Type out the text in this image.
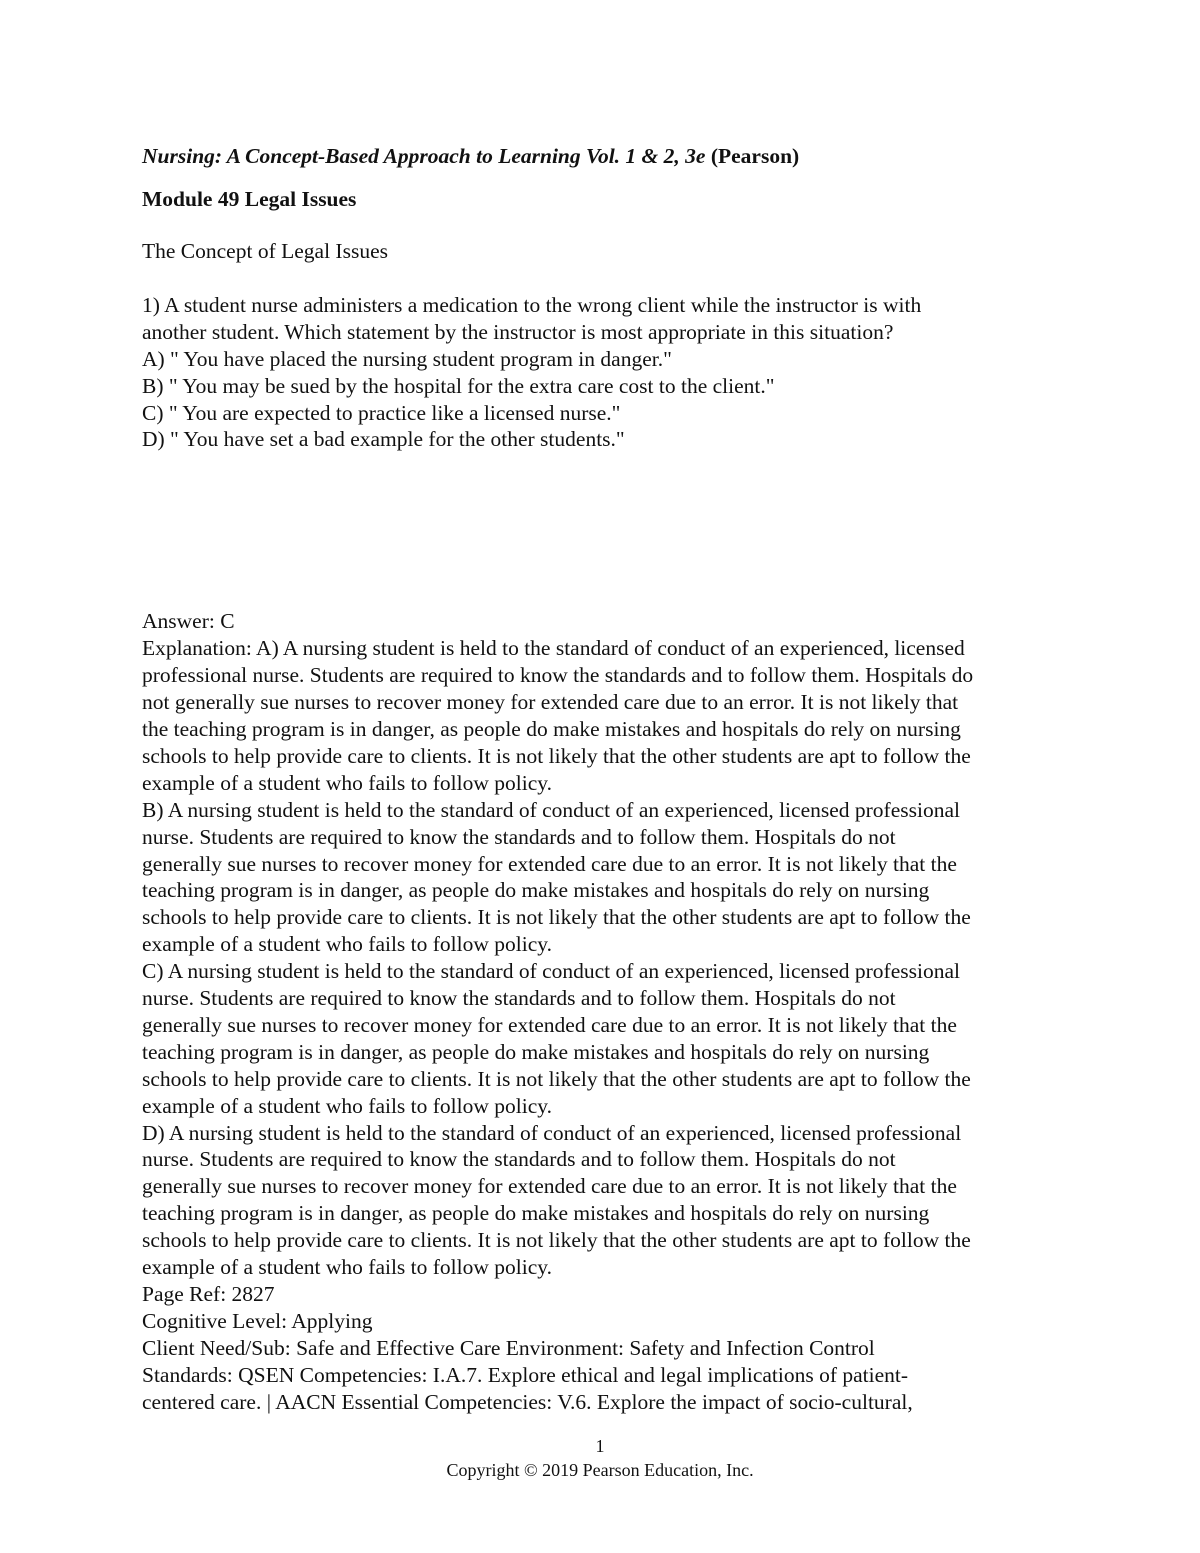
Nursing: A Concept-Based Approach to Learning Vol. 1 & 2, 3e (Pearson)
Module 49 Legal Issues
The Concept of Legal Issues
1) A student nurse administers a medication to the wrong client while the instructor is with
another student. Which statement by the instructor is most appropriate in this situation?
A) " You have placed the nursing student program in danger."
B) " You may be sued by the hospital for the extra care cost to the client."
C) " You are expected to practice like a licensed nurse."
D) " You have set a bad example for the other students."
Answer: C
Explanation: A) A nursing student is held to the standard of conduct of an experienced, licensed
professional nurse. Students are required to know the standards and to follow them. Hospitals do
not generally sue nurses to recover money for extended care due to an error. It is not likely that
the teaching program is in danger, as people do make mistakes and hospitals do rely on nursing
schools to help provide care to clients. It is not likely that the other students are apt to follow the
example of a student who fails to follow policy.
B) A nursing student is held to the standard of conduct of an experienced, licensed professional
nurse. Students are required to know the standards and to follow them. Hospitals do not
generally sue nurses to recover money for extended care due to an error. It is not likely that the
teaching program is in danger, as people do make mistakes and hospitals do rely on nursing
schools to help provide care to clients. It is not likely that the other students are apt to follow the
example of a student who fails to follow policy.
C) A nursing student is held to the standard of conduct of an experienced, licensed professional
nurse. Students are required to know the standards and to follow them. Hospitals do not
generally sue nurses to recover money for extended care due to an error. It is not likely that the
teaching program is in danger, as people do make mistakes and hospitals do rely on nursing
schools to help provide care to clients. It is not likely that the other students are apt to follow the
example of a student who fails to follow policy.
D) A nursing student is held to the standard of conduct of an experienced, licensed professional
nurse. Students are required to know the standards and to follow them. Hospitals do not
generally sue nurses to recover money for extended care due to an error. It is not likely that the
teaching program is in danger, as people do make mistakes and hospitals do rely on nursing
schools to help provide care to clients. It is not likely that the other students are apt to follow the
example of a student who fails to follow policy.
Page Ref: 2827
Cognitive Level: Applying
Client Need/Sub: Safe and Effective Care Environment: Safety and Infection Control
Standards: QSEN Competencies: I.A.7. Explore ethical and legal implications of patient-
centered care. | AACN Essential Competencies: V.6. Explore the impact of socio-cultural,
1
Copyright © 2019 Pearson Education, Inc.
